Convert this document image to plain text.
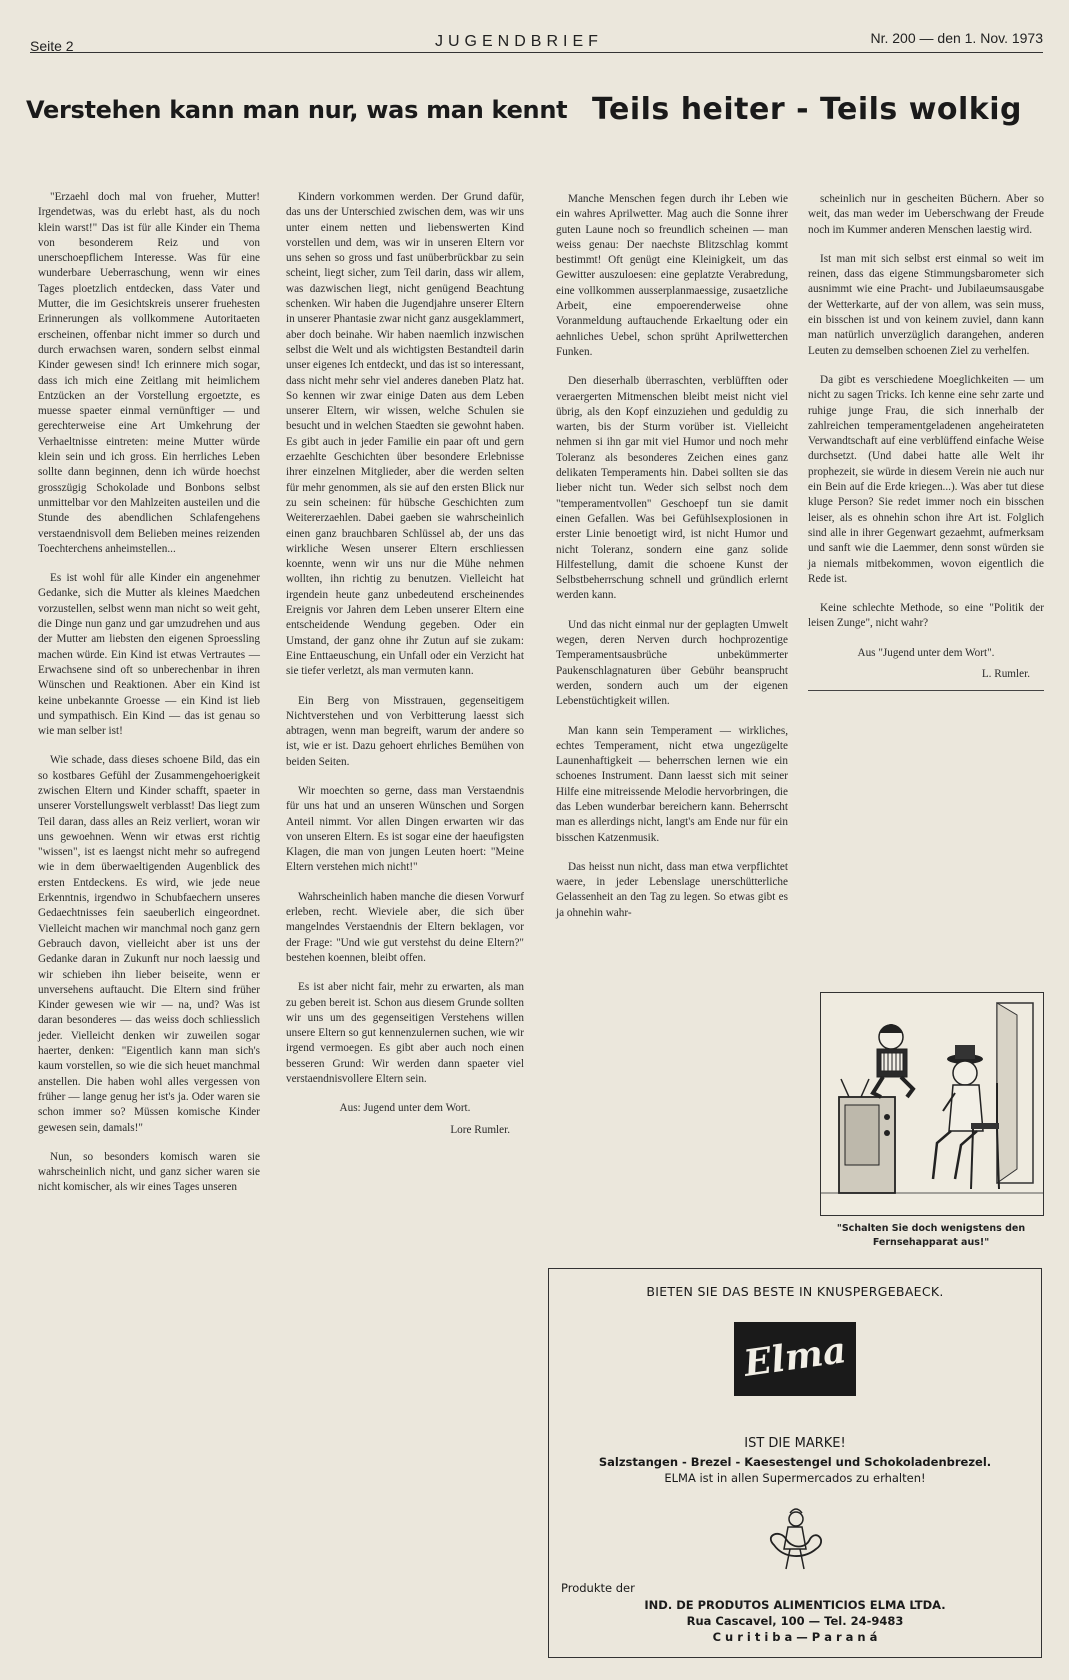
Seite 2	JUGENDBRIEF	Nr. 200 — den 1. Nov. 1973
Verstehen kann man nur, was man kennt Teils heiter - Teils wolkig

"Erzaehl doch mal von frueher, Mutter! Irgendetwas, was du erlebt hast, als du noch klein warst!" Das ist für alle Kinder ein Thema von besonderem Reiz und von unerschoepflichem Interesse. Was für eine wunderbare Ueberraschung, wenn wir eines Tages ploetzlich entdecken, dass Vater und Mutter, die im Gesichtskreis unserer fruehesten Erinnerungen als vollkommene Autoritaeten erscheinen, offenbar nicht immer so durch und durch erwachsen waren, sondern selbst einmal Kinder gewesen sind! Ich erinnere mich sogar, dass ich mich eine Zeitlang mit heimlichem Entzücken an der Vorstellung ergoetzte, es muesse spaeter einmal vernünftiger — und gerechterweise eine Art Umkehrung der Verhaeltnisse eintreten: meine Mutter würde klein sein und ich gross. Ein herrliches Leben sollte dann beginnen, denn ich würde hoechst grosszügig Schokolade und Bonbons selbst unmittelbar vor den Mahlzeiten austeilen und die Stunde des abendlichen Schlafengehens verstaendnisvoll dem Belieben meines reizenden Toechterchens anheimstellen...

Es ist wohl für alle Kinder ein angenehmer Gedanke, sich die Mutter als kleines Maedchen vorzustellen, selbst wenn man nicht so weit geht, die Dinge nun ganz und gar umzudrehen und aus der Mutter am liebsten den eigenen Sproessling machen würde. Ein Kind ist etwas Vertrautes — Erwachsene sind oft so unberechenbar in ihren Wünschen und Reaktionen. Aber ein Kind ist keine unbekannte Groesse — ein Kind ist lieb und sympathisch. Ein Kind — das ist genau so wie man selber ist!

Wie schade, dass dieses schoene Bild, das ein so kostbares Gefühl der Zusammengehoerigkeit zwischen Eltern und Kinder schafft, spaeter in unserer Vorstellungswelt verblasst! Das liegt zum Teil daran, dass alles an Reiz verliert, woran wir uns gewoehnen. Wenn wir etwas erst richtig "wissen", ist es laengst nicht mehr so aufregend wie in dem überwaeltigenden Augenblick des ersten Entdeckens. Es wird, wie jede neue Erkenntnis, irgendwo in Schubfaechern unseres Gedaechtnisses fein saeuberlich eingeordnet. Vielleicht machen wir manchmal noch ganz gern Gebrauch davon, vielleicht aber ist uns der Gedanke daran in Zukunft nur noch laessig und wir schieben ihn lieber beiseite, wenn er unversehens auftaucht. Die Eltern sind früher Kinder gewesen wie wir — na, und? Was ist daran besonderes — das weiss doch schliesslich jeder. Vielleicht denken wir zuweilen sogar haerter, denken: "Eigentlich kann man sich's kaum vorstellen, so wie die sich heuet manchmal anstellen. Die haben wohl alles vergessen von früher — lange genug her ist's ja. Oder waren sie schon immer so? Müssen komische Kinder gewesen sein, damals!"

Nun, so besonders komisch waren sie wahrscheinlich nicht, und ganz sicher waren sie nicht komischer, als wir eines Tages unseren

Kindern vorkommen werden. Der Grund dafür, das uns der Unterschied zwischen dem, was wir uns unter einem netten und liebenswerten Kind vorstellen und dem, was wir in unseren Eltern vor uns sehen so gross und fast unüberbrückbar zu sein scheint, liegt sicher, zum Teil darin, dass wir allem, was dazwischen liegt, nicht genügend Beachtung schenken. Wir haben die Jugendjahre unserer Eltern in unserer Phantasie zwar nicht ganz ausgeklammert, aber doch beinahe. Wir haben naemlich inzwischen selbst die Welt und als wichtigsten Bestandteil darin unser eigenes Ich entdeckt, und das ist so interessant, dass nicht mehr sehr viel anderes daneben Platz hat. So kennen wir zwar einige Daten aus dem Leben unserer Eltern, wir wissen, welche Schulen sie besucht und in welchen Staedten sie gewohnt haben. Es gibt auch in jeder Familie ein paar oft und gern erzaehlte Geschichten über besondere Erlebnisse ihrer einzelnen Mitglieder, aber die werden selten für mehr genommen, als sie auf den ersten Blick nur zu sein scheinen: für hübsche Geschichten zum Weitererzaehlen. Dabei gaeben sie wahrscheinlich einen ganz brauchbaren Schlüssel ab, der uns das wirkliche Wesen unserer Eltern erschliessen koennte, wenn wir uns nur die Mühe nehmen wollten, ihn richtig zu benutzen. Vielleicht hat irgendein heute ganz unbedeutend erscheinendes Ereignis vor Jahren dem Leben unserer Eltern eine entscheidende Wendung gegeben. Oder ein Umstand, der ganz ohne ihr Zutun auf sie zukam: Eine Enttaeuschung, ein Unfall oder ein Verzicht hat sie tiefer verletzt, als man vermuten kann.

Ein Berg von Misstrauen, gegenseitigem Nichtverstehen und von Verbitterung laesst sich abtragen, wenn man begreift, warum der andere so ist, wie er ist. Dazu gehoert ehrliches Bemühen von beiden Seiten.

Wir moechten so gerne, dass man Verstaendnis für uns hat und an unseren Wünschen und Sorgen Anteil nimmt. Vor allen Dingen erwarten wir das von unseren Eltern. Es ist sogar eine der haeufigsten Klagen, die man von jungen Leuten hoert: "Meine Eltern verstehen mich nicht!"

Wahrscheinlich haben manche die diesen Vorwurf erleben, recht. Wieviele aber, die sich über mangelndes Verstaendnis der Eltern beklagen, vor der Frage: "Und wie gut verstehst du deine Eltern?" bestehen koennen, bleibt offen.

Es ist aber nicht fair, mehr zu erwarten, als man zu geben bereit ist. Schon aus diesem Grunde sollten wir uns um des gegenseitigen Verstehens willen unsere Eltern so gut kennenzulernen suchen, wie wir irgend vermoegen. Es gibt aber auch noch einen besseren Grund: Wir werden dann spaeter viel verstaendnisvollere Eltern sein.

Aus: Jugend unter dem Wort.

Lore Rumler.

Manche Menschen fegen durch ihr Leben wie ein wahres Aprilwetter. Mag auch die Sonne ihrer guten Laune noch so freundlich scheinen — man weiss genau: Der naechste Blitzschlag kommt bestimmt! Oft genügt eine Kleinigkeit, um das Gewitter auszuloesen: eine geplatzte Verabredung, eine vollkommen ausserplanmaessige, zusaetzliche Arbeit, eine empoerenderweise ohne Voranmeldung auftauchende Erkaeltung oder ein aehnliches Uebel, schon sprüht Aprilwetterchen Funken.

Den dieserhalb überraschten, verblüfften oder veraergerten Mitmenschen bleibt meist nicht viel übrig, als den Kopf einzuziehen und geduldig zu warten, bis der Sturm vorüber ist. Vielleicht nehmen si ihn gar mit viel Humor und noch mehr Toleranz als besonderes Zeichen eines ganz delikaten Temperaments hin. Dabei sollten sie das lieber nicht tun. Weder sich selbst noch dem "temperamentvollen" Geschoepf tun sie damit einen Gefallen. Was bei Gefühlsexplosionen in erster Linie benoetigt wird, ist nicht Humor und nicht Toleranz, sondern eine ganz solide Hilfestellung, damit die schoene Kunst der Selbstbeherrschung schnell und gründlich erlernt werden kann.

Und das nicht einmal nur der geplagten Umwelt wegen, deren Nerven durch hochprozentige Temperamentsausbrüche unbekümmerter Paukenschlagnaturen über Gebühr beansprucht werden, sondern auch um der eigenen Lebenstüchtigkeit willen.

Man kann sein Temperament — wirkliches, echtes Temperament, nicht etwa ungezügelte Launenhaftigkeit — beherrschen lernen wie ein schoenes Instrument. Dann laesst sich mit seiner Hilfe eine mitreissende Melodie hervorbringen, die das Leben wunderbar bereichern kann. Beherrscht man es allerdings nicht, langt's am Ende nur für ein bisschen Katzenmusik.

Das heisst nun nicht, dass man etwa verpflichtet waere, in jeder Lebenslage unerschütterliche Gelassenheit an den Tag zu legen. So etwas gibt es ja ohnehin wahr-

scheinlich nur in gescheiten Büchern. Aber so weit, das man weder im Ueberschwang der Freude noch im Kummer anderen Menschen laestig wird.

Ist man mit sich selbst erst einmal so weit im reinen, dass das eigene Stimmungsbarometer sich ausnimmt wie eine Pracht- und Jubilaeumsausgabe der Wetterkarte, auf der von allem, was sein muss, ein bisschen ist und von keinem zuviel, dann kann man natürlich unverzüglich darangehen, anderen Leuten zu demselben schoenen Ziel zu verhelfen.

Da gibt es verschiedene Moeglichkeiten — um nicht zu sagen Tricks. Ich kenne eine sehr zarte und ruhige junge Frau, die sich innerhalb der zahlreichen temperamentgeladenen angeheirateten Verwandtschaft auf eine verblüffend einfache Weise durchsetzt. (Und dabei hatte alle Welt ihr prophezeit, sie würde in diesem Verein nie auch nur ein Bein auf die Erde kriegen...). Was aber tut diese kluge Person? Sie redet immer noch ein bisschen leiser, als es ohnehin schon ihre Art ist. Folglich sind alle in ihrer Gegenwart gezaehmt, aufmerksam und sanft wie die Laemmer, denn sonst würden sie ja niemals mitbekommen, wovon eigentlich die Rede ist.

Keine schlechte Methode, so eine "Politik der leisen Zunge", nicht wahr?

Aus "Jugend unter dem Wort".

L. Rumler.

"Schalten Sie doch wenigstens den Fernsehapparat aus!"
BIETEN SIE DAS BESTE IN KNUSPERGEBAECK.
Elma
IST DIE MARKE!
Salzstangen - Brezel - Kaesestengel und Schokoladenbrezel.
ELMA ist in allen Supermercados zu erhalten!
Produkte der
IND. DE PRODUTOS ALIMENTICIOS ELMA LTDA.
Rua Cascavel, 100 — Tel. 24-9483
C u r i t i b a — P a r a n á
